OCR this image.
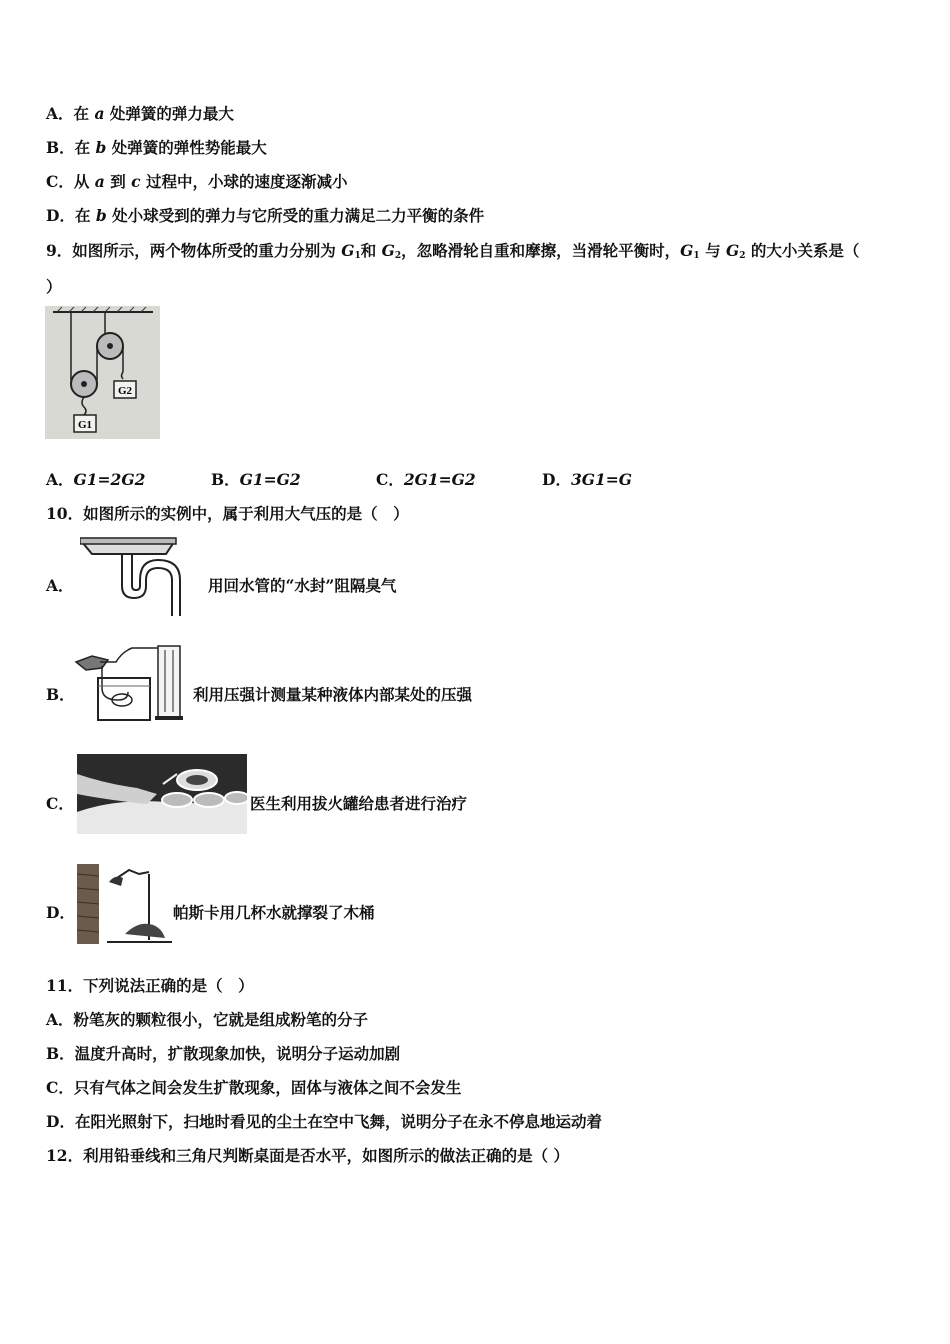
A．在 a 处弹簧的弹力最大
B．在 b 处弹簧的弹性势能最大
C．从 a 到 c 过程中，小球的速度逐渐减小
D．在 b 处小球受到的弹力与它所受的重力满足二力平衡的条件
9．如图所示，两个物体所受的重力分别为 $G_1$和 $G_2$，忽略滑轮自重和摩擦，当滑轮平衡时，$G_1$ 与 $G_2$ 的大小关系是（
）
G1
G2
A．G1=2G2	B．G1=G2	C．2G1=G2	D．3G1=G
10．如图所示的实例中，属于利用大气压的是（　）
A．	用回水管的“水封”阻隔臭气
B．	利用压强计测量某种液体内部某处的压强
C．	医生利用拔火罐给患者进行治疗
D．	帕斯卡用几杯水就撑裂了木桶
11．下列说法正确的是（　）
A．粉笔灰的颗粒很小，它就是组成粉笔的分子
B．温度升高时，扩散现象加快，说明分子运动加剧
C．只有气体之间会发生扩散现象，固体与液体之间不会发生
D．在阳光照射下，扫地时看见的尘土在空中飞舞，说明分子在永不停息地运动着
12．利用铅垂线和三角尺判断桌面是否水平，如图所示的做法正确的是（ ）
